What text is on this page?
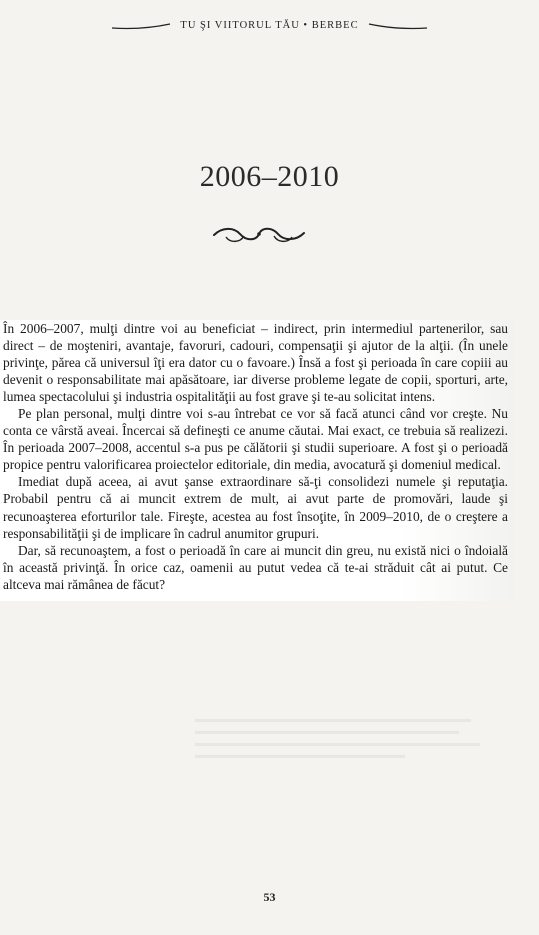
TU ŞI VIITORUL TĂU • BERBEC
2006–2010

În 2006–2007, mulţi dintre voi au beneficiat – indirect, prin intermediul partenerilor, sau direct – de moşteniri, avantaje, favoruri, cadouri, compensaţii şi ajutor de la alţii. (În unele privinţe, părea că universul îţi era dator cu o favoare.) Însă a fost şi perioada în care copiii au devenit o responsabilitate mai apăsătoare, iar diverse probleme legate de copii, sporturi, arte, lumea spectacolului şi industria ospitalităţii au fost grave şi te-au solicitat intens.

Pe plan personal, mulţi dintre voi s-au întrebat ce vor să facă atunci când vor creşte. Nu conta ce vârstă aveai. Încercai să defineşti ce anume căutai. Mai exact, ce trebuia să realizezi. În perioada 2007–2008, accentul s-a pus pe călătorii şi studii superioare. A fost şi o perioadă propice pentru valorificarea proiectelor editoriale, din media, avocatură şi domeniul medical.

Imediat după aceea, ai avut şanse extraordinare să-ţi consolidezi numele şi reputaţia. Probabil pentru că ai muncit extrem de mult, ai avut parte de promovări, laude şi recunoaşterea eforturilor tale. Fireşte, acestea au fost însoţite, în 2009–2010, de o creştere a responsabilităţii şi de implicare în cadrul anumitor grupuri.

Dar, să recunoaştem, a fost o perioadă în care ai muncit din greu, nu există nici o îndoială în această privinţă. În orice caz, oamenii au putut vedea că te-ai străduit cât ai putut. Ce altceva mai rămânea de făcut?

53
